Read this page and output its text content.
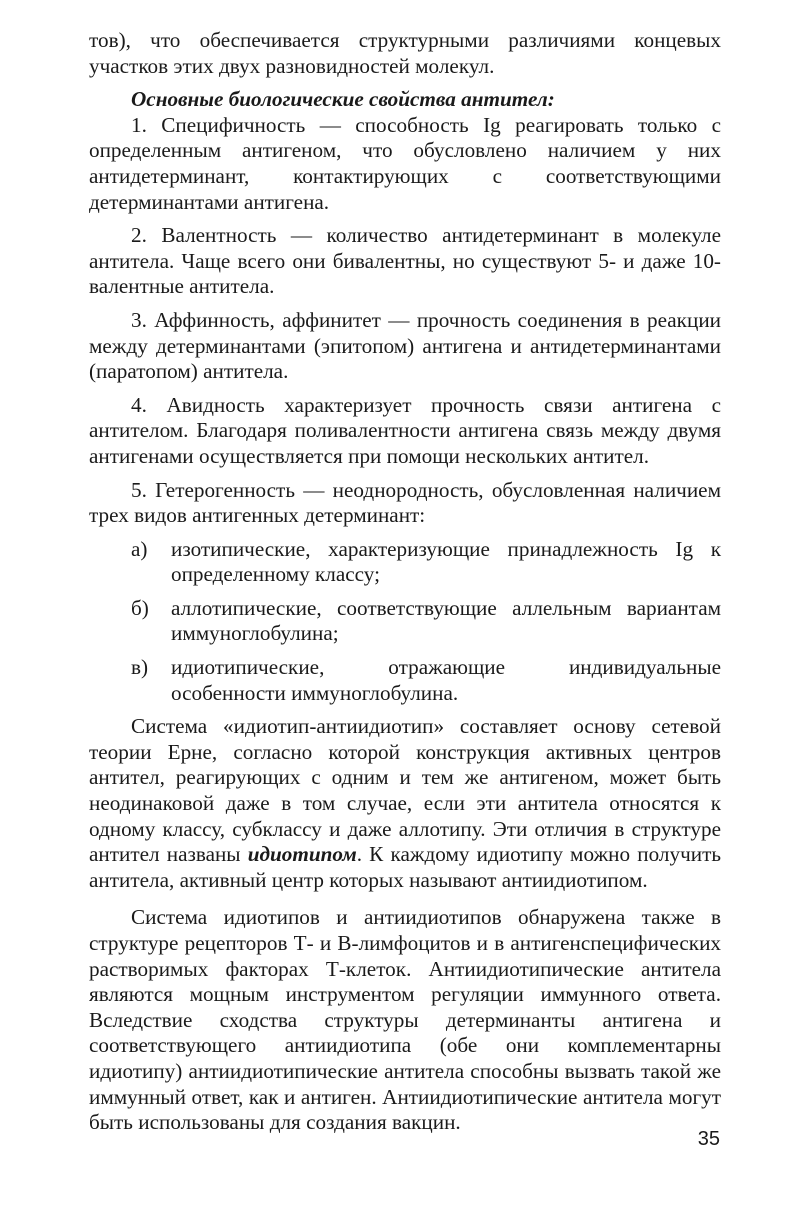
тов), что обеспечивается структурными различиями концевых участков этих двух разновидностей молекул.

Основные биологические свойства антител:

1. Специфичность — способность Ig реагировать только с определенным антигеном, что обусловлено наличием у них антидетерминант, контактирующих с соответствующими детерминантами антигена.

2. Валентность — количество антидетерминант в молекуле антитела. Чаще всего они бивалентны, но существуют 5- и даже 10-валентные антитела.

3. Аффинность, аффинитет — прочность соединения в реакции между детерминантами (эпитопом) антигена и антидетерминантами (паратопом) антитела.

4. Авидность характеризует прочность связи антигена с антителом. Благодаря поливалентности антигена связь между двумя антигенами осуществляется при помощи нескольких антител.

5. Гетерогенность — неоднородность, обусловленная наличием трех видов антигенных детерминант:

а) изотипические, характеризующие принадлежность Ig к определенному классу;
б) аллотипические, соответствующие аллельным вариантам иммуноглобулина;
в) идиотипические, отражающие индивидуальные особенности иммуноглобулина.

Система «идиотип-антиидиотип» составляет основу сетевой теории Ерне, согласно которой конструкция активных центров антител, реагирующих с одним и тем же антигеном, может быть неодинаковой даже в том случае, если эти антитела относятся к одному классу, субклассу и даже аллотипу. Эти отличия в структуре антител названы идиотипом. К каждому идиотипу можно получить антитела, активный центр которых называют антиидиотипом.

Система идиотипов и антиидиотипов обнаружена также в структуре рецепторов Т- и В-лимфоцитов и в антигенспецифических растворимых факторах Т-клеток. Антиидиотипические антитела являются мощным инструментом регуляции иммунного ответа. Вследствие сходства структуры детерминанты антигена и соответствующего антиидиотипа (обе они комплементарны идиотипу) антиидиотипические антитела способны вызвать такой же иммунный ответ, как и антиген. Антиидиотипические антитела могут быть использованы для создания вакцин.

35
